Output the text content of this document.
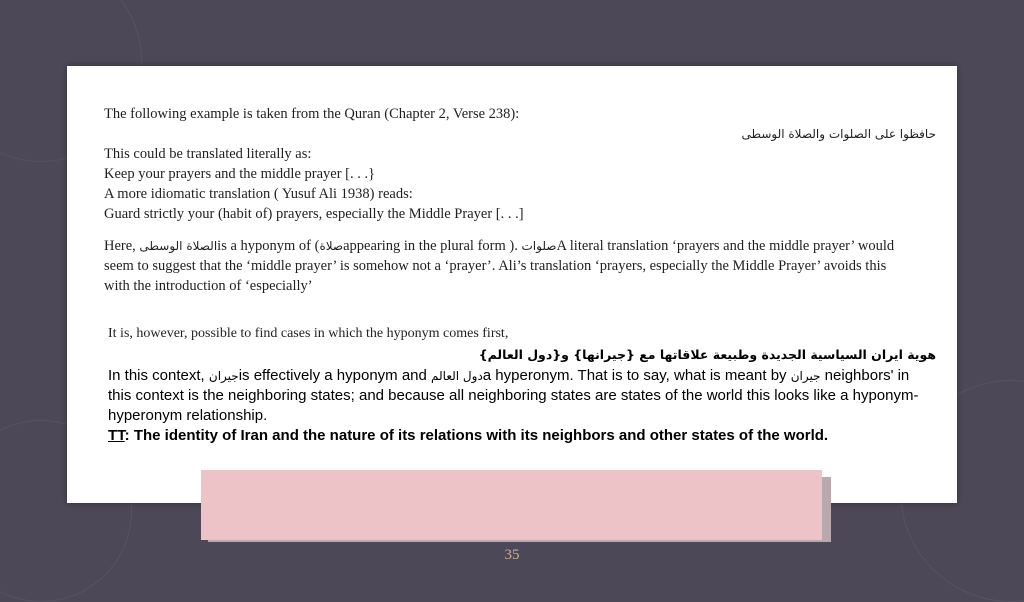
The following example is taken from the Quran (Chapter 2, Verse 238):

حافظوا على الصلوات والصلاة الوسطى

This could be translated literally as:

Keep your prayers and the middle prayer [. . .}

A more idiomatic translation ( Yusuf Ali 1938) reads:

Guard strictly your (habit of) prayers, especially the Middle Prayer [. . .]

Here, الصلاة الوسطىis a hyponym of (صلاةappearing in the plural form ). صلواتA literal translation ‘prayers and the middle prayer’ would seem to suggest that the ‘middle prayer’ is somehow not a ‘prayer’. Ali’s translation ‘prayers, especially the Middle Prayer’ avoids this with the introduction of ‘especially’

It is, however, possible to find cases in which the hyponym comes first,

هوية ايران السياسية الجديدة وطبيعة علاقاتها مع {جيرانها} و{دول العالم}

In this context, جيرانis effectively a hyponym and دول العالمa hyperonym. That is to say, what is meant by جيران neighbors' in this context is the neighboring states; and because all neighboring states are states of the world this looks like a hyponym-hyperonym relationship.

TT: The identity of Iran and the nature of its relations with its neighbors and other states of the world.

35
